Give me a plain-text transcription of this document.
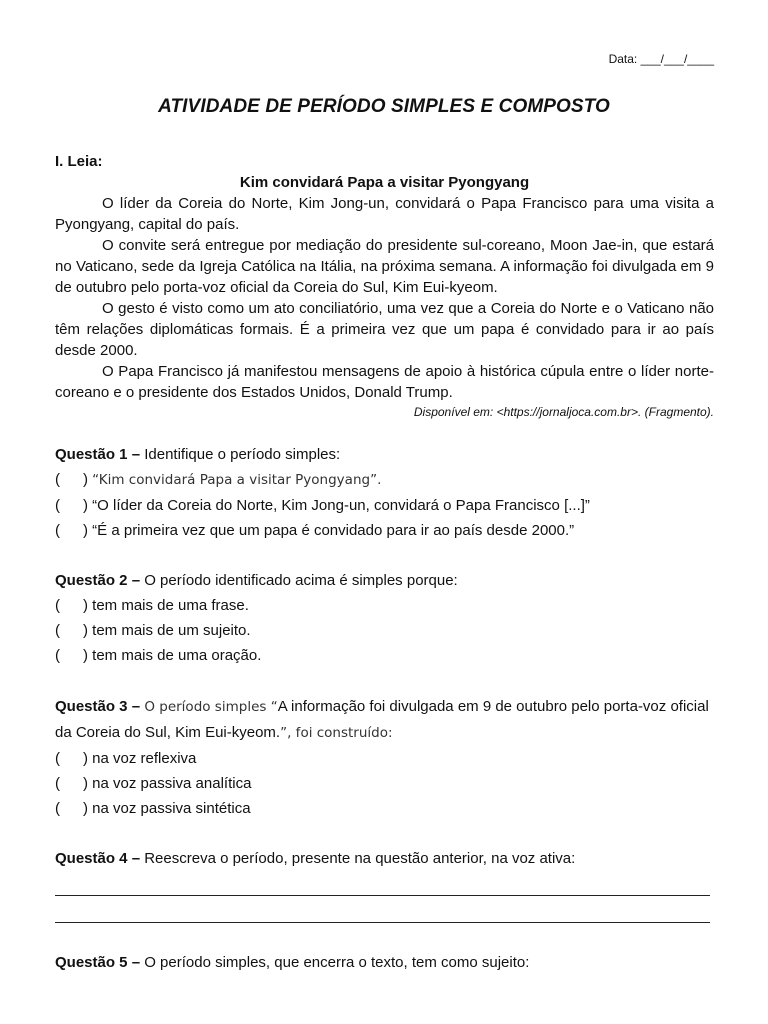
Data: ___/___/____
ATIVIDADE DE PERÍODO SIMPLES E COMPOSTO
I. Leia:
Kim convidará Papa a visitar Pyongyang

O líder da Coreia do Norte, Kim Jong-un, convidará o Papa Francisco para uma visita a Pyongyang, capital do país.

O convite será entregue por mediação do presidente sul-coreano, Moon Jae-in, que estará no Vaticano, sede da Igreja Católica na Itália, na próxima semana. A informação foi divulgada em 9 de outubro pelo porta-voz oficial da Coreia do Sul, Kim Eui-kyeom.

O gesto é visto como um ato conciliatório, uma vez que a Coreia do Norte e o Vaticano não têm relações diplomáticas formais. É a primeira vez que um papa é convidado para ir ao país desde 2000.

O Papa Francisco já manifestou mensagens de apoio à histórica cúpula entre o líder norte-coreano e o presidente dos Estados Unidos, Donald Trump.

Disponível em: <https://jornaljoca.com.br>. (Fragmento).
Questão 1 – Identifique o período simples:
( ) “Kim convidará Papa a visitar Pyongyang”.
( ) “O líder da Coreia do Norte, Kim Jong-un, convidará o Papa Francisco [...]”
( ) “É a primeira vez que um papa é convidado para ir ao país desde 2000.”
Questão 2 – O período identificado acima é simples porque:
( ) tem mais de uma frase.
( ) tem mais de um sujeito.
( ) tem mais de uma oração.
Questão 3 – O período simples “A informação foi divulgada em 9 de outubro pelo porta-voz oficial da Coreia do Sul, Kim Eui-kyeom.”, foi construído:
( ) na voz reflexiva
( ) na voz passiva analítica
( ) na voz passiva sintética
Questão 4 – Reescreva o período, presente na questão anterior, na voz ativa:
Questão 5 – O período simples, que encerra o texto, tem como sujeito:
